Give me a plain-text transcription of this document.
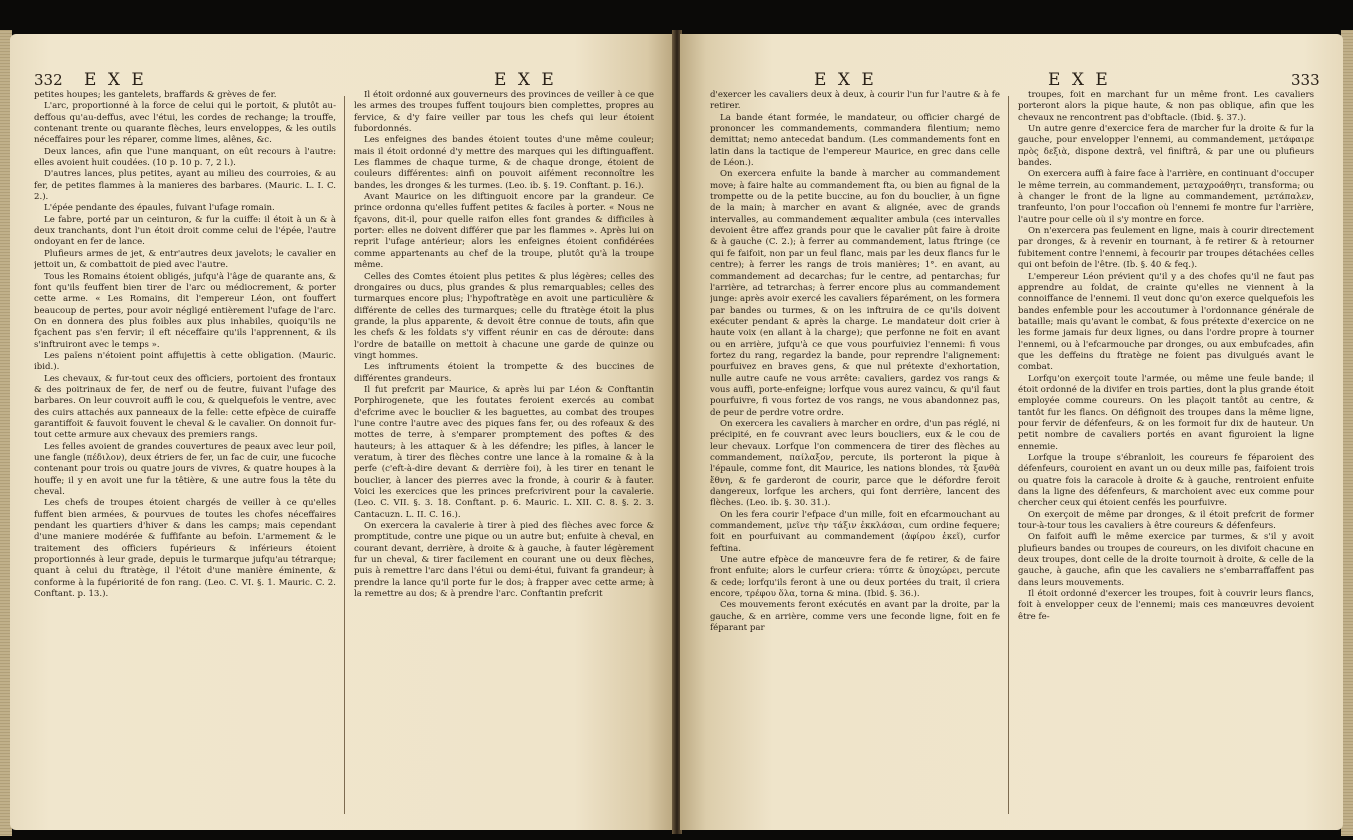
332 E X E	E X E

petites houpes; les gantelets, braffards & grèves de fer.

L'arc, proportionné à la force de celui qui le portoit, & plutôt au-deffous qu'au-deffus, avec l'étui, les cordes de rechange; la trouffe, contenant trente ou quarante flèches, leurs enveloppes, & les outils néceffaires pour les réparer, comme limes, alênes, &c.

Deux lances, afin que l'une manquant, on eût recours à l'autre: elles avoient huit coudées. (10 p. 10 p. 7, 2 l.).

D'autres lances, plus petites, ayant au milieu des courroies, & au fer, de petites flammes à la manieres des barbares. (Mauric. L. I. C. 2.).

L'épée pendante des épaules, fuivant l'ufage romain.

Le fabre, porté par un ceinturon, & fur la cuiffe: il étoit à un & à deux tranchants, dont l'un étoit droit comme celui de l'épée, l'autre ondoyant en fer de lance.

Plufieurs armes de jet, & entr'autres deux javelots; le cavalier en jettoit un, & combattoit de pied avec l'autre.

Tous les Romains étoient obligés, jufqu'à l'âge de quarante ans, & font qu'ils feuffent bien tirer de l'arc ou médiocrement, & porter cette arme. « Les Romains, dit l'empereur Léon, ont fouffert beaucoup de pertes, pour avoir négligé entièrement l'ufage de l'arc. On en donnera des plus foibles aux plus inhabiles, quoiqu'ils ne fçachent pas s'en fervir; il eft néceffaire qu'ils l'apprennent, & ils s'inftruiront avec le temps ».

Les païens n'étoient point affujettis à cette obligation. (Mauric. ibid.).

Les chevaux, & fur-tout ceux des officiers, portoient des frontaux & des poitrinaux de fer, de nerf ou de feutre, fuivant l'ufage des barbares. On leur couvroit auffi le cou, & quelquefois le ventre, avec des cuirs attachés aux panneaux de la felle: cette efpèce de cuiraffe garantiffoit & fauvoit fouvent le cheval & le cavalier. On donnoit fur-tout cette armure aux chevaux des premiers rangs.

Les felles avoient de grandes couvertures de peaux avec leur poil, une fangle (πέδιλον), deux étriers de fer, un fac de cuir, une fucoche contenant pour trois ou quatre jours de vivres, & quatre houpes à la houffe; il y en avoit une fur la têtière, & une autre fous la tête du cheval.

Les chefs de troupes étoient chargés de veiller à ce qu'elles fuffent bien armées, & pourvues de toutes les chofes néceffaires pendant les quartiers d'hiver & dans les camps; mais cependant d'une maniere modérée & fuffifante au befoin. L'armement & le traitement des officiers fupérieurs & inférieurs étoient proportionnés à leur grade, depuis le turmarque jufqu'au tétrarque; quant à celui du ftratège, il l'étoit d'une manière éminente, & conforme à la fupériorité de fon rang. (Leo. C. VI. §. 1. Mauric. C. 2. Conftant. p. 13.).

Il étoit ordonné aux gouverneurs des provinces de veiller à ce que les armes des troupes fuffent toujours bien complettes, propres au fervice, & d'y faire veiller par tous les chefs qui leur étoient fubordonnés.

Les enfeignes des bandes étoient toutes d'une même couleur; mais il étoit ordonné d'y mettre des marques qui les diftinguaffent. Les flammes de chaque turme, & de chaque dronge, étoient de couleurs différentes: ainfi on pouvoit aifément reconnoître les bandes, les dronges & les turmes. (Leo. ib. §. 19. Conftant. p. 16.).

Avant Maurice on les diftinguoit encore par la grandeur. Ce prince ordonna qu'elles fuffent petites & faciles à porter. « Nous ne fçavons, dit-il, pour quelle raifon elles font grandes & difficiles à porter: elles ne doivent différer que par les flammes ». Après lui on reprit l'ufage antérieur; alors les enfeignes étoient confidérées comme appartenants au chef de la troupe, plutôt qu'à la troupe même.

Celles des Comtes étoient plus petites & plus légères; celles des drongaires ou ducs, plus grandes & plus remarquables; celles des turmarques encore plus; l'hypoftratège en avoit une particulière & différente de celles des turmarques; celle du ftratège étoit la plus grande, la plus apparente, & devoit être connue de touts, afin que les chefs & les foldats s'y viffent réunir en cas de déroute: dans l'ordre de bataille on mettoit à chacune une garde de quinze ou vingt hommes.

Les inftruments étoient la trompette & des buccines de différentes grandeurs.

Il fut prefcrit par Maurice, & après lui par Léon & Conftantin Porphirogenete, que les foutates feroient exercés au combat d'efcrime avec le bouclier & les baguettes, au combat des troupes l'une contre l'autre avec des piques fans fer, ou des rofeaux & des mottes de terre, à s'emparer promptement des poftes & des hauteurs; à les attaquer & à les défendre; les pifles, à lancer le veratum, à tirer des flèches contre une lance à la romaine & à la perfe (c'eft-à-dire devant & derrière foi), à les tirer en tenant le bouclier, à lancer des pierres avec la fronde, à courir & à fauter. Voici les exercices que les princes prefcrivirent pour la cavalerie. (Leo. C. VII. §. 3. 18. Conftant. p. 6. Mauric. L. XII. C. 8. §. 2. 3. Cantacuzn. L. II. C. 16.).

On exercera la cavalerie à tirer à pied des flèches avec force & promptitude, contre une pique ou un autre but; enfuite à cheval, en courant devant, derrière, à droite & à gauche, à fauter légèrement fur un cheval, & tirer facilement en courant une ou deux flèches, puis à remettre l'arc dans l'étui ou demi-étui, fuivant fa grandeur; à prendre la lance qu'il porte fur le dos; à frapper avec cette arme; à la remettre au dos; & à prendre l'arc. Conftantin prefcrit

E X E	E X E	333

d'exercer les cavaliers deux à deux, à courir l'un fur l'autre & à fe retirer.

La bande étant formée, le mandateur, ou officier chargé de prononcer les commandements, commandera filentium; nemo demittat; nemo antecedat bandum. (Les commandements font en latin dans la tactique de l'empereur Maurice, en grec dans celle de Léon.).

On exercera enfuite la bande à marcher au commandement move; à faire halte au commandement fta, ou bien au fignal de la trompette ou de la petite buccine, au fon du bouclier, à un figne de la main; à marcher en avant & alignée, avec de grands intervalles, au commandement æqualiter ambula (ces intervalles devoient être affez grands pour que le cavalier pût faire à droite & à gauche (C. 2.); à ferrer au commandement, latus ftringe (ce qui fe faifoit, non par un feul flanc, mais par les deux flancs fur le centre); à ferrer les rangs de trois manières; 1°. en avant, au commandement ad decarchas; fur le centre, ad pentarchas; fur l'arrière, ad tetrarchas; à ferrer encore plus au commandement junge: après avoir exercé les cavaliers féparément, on les formera par bandes ou turmes, & on les inftruira de ce qu'ils doivent exécuter pendant & après la charge. Le mandateur doit crier à haute voix (en allant à la charge); que perfonne ne foit en avant ou en arrière, jufqu'à ce que vous pourfuiviez l'ennemi: fi vous fortez du rang, regardez la bande, pour reprendre l'alignement: pourfuivez en braves gens, & que nul prétexte d'exhortation, nulle autre caufe ne vous arrête: cavaliers, gardez vos rangs & vous auffi, porte-enfeigne; lorfque vous aurez vaincu, & qu'il faut pourfuivre, fi vous fortez de vos rangs, ne vous abandonnez pas, de peur de perdre votre ordre.

On exercera les cavaliers à marcher en ordre, d'un pas réglé, ni précipité, en fe couvrant avec leurs boucliers, eux & le cou de leur chevaux. Lorfque l'on commencera de tirer des flèches au commandement, παίλαξον, percute, ils porteront la pique à l'épaule, comme font, dit Maurice, les nations blondes, τὰ ξανθὰ ἔθνη, & fe garderont de courir, parce que le défordre feroit dangereux, lorfque les archers, qui font derrière, lancent des flèches. (Leo. ib. §. 30. 31.).

On les fera courir l'efpace d'un mille, foit en efcarmouchant au commandement, μεῖνε τὴν τάξιν ἐκκλάσαι, cum ordine fequere; foit en pourfuivant au commandement (ἀφίρου ἐκεῖ), curfor feftina.

Une autre efpèce de manœuvre fera de fe retirer, & de faire front enfuite; alors le curfeur criera: τύπτε & ὑποχώρει, percute & cede; lorfqu'ils feront à une ou deux portées du trait, il criera encore, τρέφου ὅλα, torna & mina. (Ibid. §. 36.).

Ces mouvements feront exécutés en avant par la droite, par la gauche, & en arrière, comme vers une feconde ligne, foit en fe féparant par

troupes, foit en marchant fur un même front. Les cavaliers porteront alors la pique haute, & non pas oblique, afin que les chevaux ne rencontrent pas d'obftacle. (Ibid. §. 37.).

Un autre genre d'exercice fera de marcher fur la droite & fur la gauche, pour envelopper l'ennemi, au commandement, μετάφαιρε πρὸς δεξιὰ, dispone dextrâ, vel finiftrâ, & par une ou plufieurs bandes.

On exercera auffi à faire face à l'arrière, en continuant d'occuper le même terrein, au commandement, μεταχροάθητι, transforma; ou à changer le front de la ligne au commandement, μετάπαλεν, tranfeunto, l'on pour l'occafion où l'ennemi fe montre fur l'arrière, l'autre pour celle où il s'y montre en force.

On n'exercera pas feulement en ligne, mais à courir directement par dronges, & à revenir en tournant, à fe retirer & à retourner fubitement contre l'ennemi, à fecourir par troupes détachées celles qui ont befoin de l'être. (Ib. §. 40 & feq.).

L'empereur Léon prévient qu'il y a des chofes qu'il ne faut pas apprendre au foldat, de crainte qu'elles ne viennent à la connoiffance de l'ennemi. Il veut donc qu'on exerce quelquefois les bandes enfemble pour les accoutumer à l'ordonnance générale de bataille; mais qu'avant le combat, & fous prétexte d'exercice on ne les forme jamais fur deux lignes, ou dans l'ordre propre à tourner l'ennemi, ou à l'efcarmouche par dronges, ou aux embufcades, afin que les deffeins du ftratège ne foient pas divulgués avant le combat.

Lorfqu'on exerçoit toute l'armée, ou même une feule bande; il étoit ordonné de la divifer en trois parties, dont la plus grande étoit employée comme coureurs. On les plaçoit tantôt au centre, & tantôt fur les flancs. On défignoit des troupes dans la même ligne, pour fervir de défenfeurs, & on les formoit fur dix de hauteur. Un petit nombre de cavaliers portés en avant figuroient la ligne ennemie.

Lorfque la troupe s'ébranloit, les coureurs fe féparoient des défenfeurs, couroient en avant un ou deux mille pas, faifoient trois ou quatre fois la caracole à droite & à gauche, rentroient enfuite dans la ligne des défenfeurs, & marchoient avec eux comme pour chercher ceux qui étoient cenfés les pourfuivre.

On exerçoit de même par dronges, & il étoit prefcrit de former tour-à-tour tous les cavaliers à être coureurs & défenfeurs.

On faifoit auffi le même exercice par turmes, & s'il y avoit plufieurs bandes ou troupes de coureurs, on les divifoit chacune en deux troupes, dont celle de la droite tournoit à droite, & celle de la gauche, à gauche, afin que les cavaliers ne s'embarraffaffent pas dans leurs mouvements.

Il étoit ordonné d'exercer les troupes, foit à couvrir leurs flancs, foit à envelopper ceux de l'ennemi; mais ces manœuvres devoient être fe-
